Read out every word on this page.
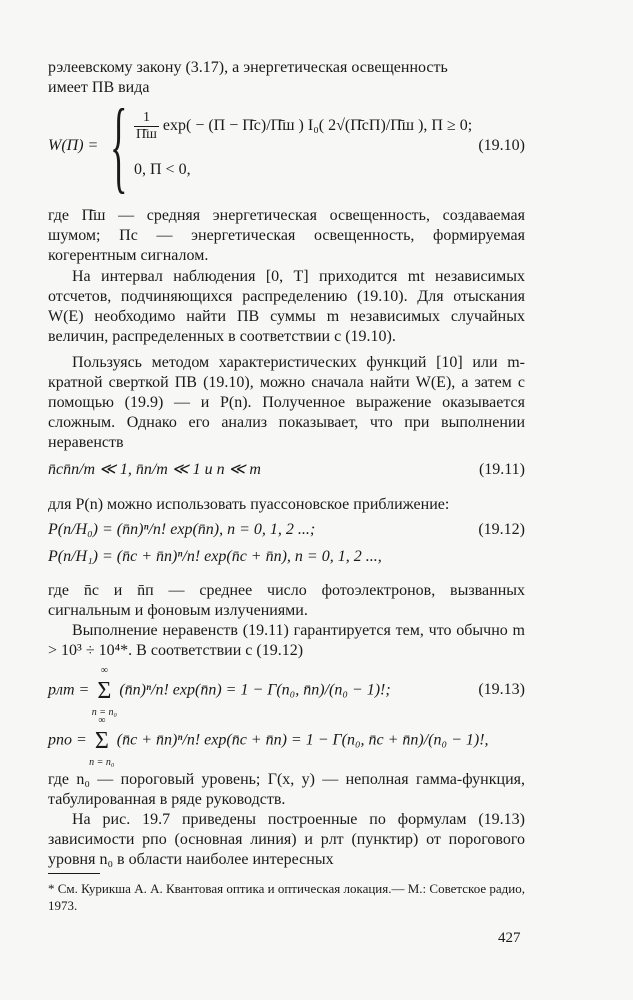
рэлеевскому закону (3.17), а энергетическая освещенность

имеет ПВ вида

W(П) = { $\frac{1}{П̄ш} \exp( - (П$ − П̄с)/П̄ш ) I₀( 2√(П̄сП)/П̄ш ), П ≥ 0;
0, П < 0,
(19.10)

где П̄ш — средняя энергетическая освещенность, создаваемая шумом; Пс — энергетическая освещенность, формируемая когерентным сигналом.

На интервал наблюдения [0, T] приходится mt независимых отсчетов, подчиняющихся распределению (19.10). Для отыскания W(E) необходимо найти ПВ суммы m независимых случайных величин, распределенных в соответствии с (19.10).

Пользуясь методом характеристических функций [10] или m-кратной сверткой ПВ (19.10), можно сначала найти W(E), а затем с помощью (19.9) — и P(n). Полученное выражение оказывается сложным. Однако его анализ показывает, что при выполнении неравенств

n̄сn̄п/m ≪ 1, n̄п/m ≪ 1 и n ≪ m	(19.11)

для P(n) можно использовать пуассоновское приближение:

P(n/H₀) = (n̄п)ⁿ/n! exp(n̄п), n = 0, 1, 2 ...;	(19.12)
P(n/H₁) = (n̄с + n̄п)ⁿ/n! exp(n̄с + n̄п), n = 0, 1, 2 ...,

где n̄с и n̄п — среднее число фотоэлектронов, вызванных сигнальным и фоновым излучениями.

Выполнение неравенств (19.11) гарантируется тем, что обычно m > 10³ ÷ 10⁴*. В соответствии с (19.12)

pлт =
∞
Σ
n = n₀
(n̄п)ⁿ/n! exp(n̄п) = 1 − Γ(n₀, n̄п)/(n₀ − 1)!;	(19.13)
pпо =
∞
Σ
n = n₀
(n̄с + n̄п)ⁿ/n! exp(n̄с + n̄п) = 1 − Γ(n₀, n̄с + n̄п)/(n₀ − 1)!,

где n₀ — пороговый уровень; Γ(x, y) — неполная гамма-функция, табулированная в ряде руководств.

На рис. 19.7 приведены построенные по формулам (19.13) зависимости pпо (основная линия) и pлт (пунктир) от порогового уровня n₀ в области наиболее интересных

* См. Курикша А. А. Квантовая оптика и оптическая локация.— М.: Советское радио, 1973.

427
